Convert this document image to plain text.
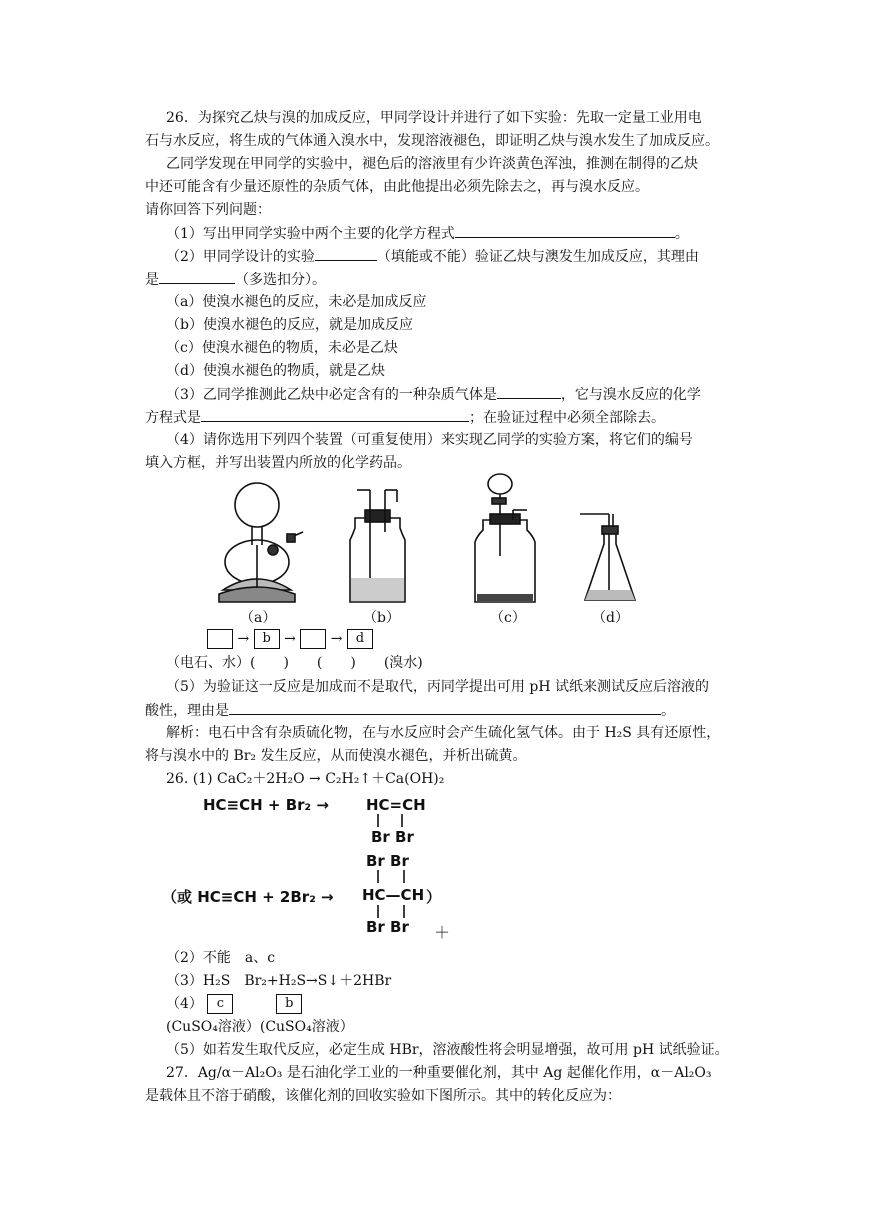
26．为探究乙炔与溴的加成反应，甲同学设计并进行了如下实验：先取一定量工业用电
石与水反应，将生成的气体通入溴水中，发现溶液褪色，即证明乙炔与溴水发生了加成反应。
乙同学发现在甲同学的实验中，褪色后的溶液里有少许淡黄色浑浊，推测在制得的乙炔
中还可能含有少量还原性的杂质气体，由此他提出必须先除去之，再与溴水反应。
请你回答下列问题：
（1）写出甲同学实验中两个主要的化学方程式	。
（2）甲同学设计的实验	（填能或不能）验证乙炔与澳发生加成反应，其理由
是	（多选扣分）。
（a）使溴水褪色的反应，未必是加成反应
（b）使溴水褪色的反应，就是加成反应
（c）使溴水褪色的物质，未必是乙炔
（d）使溴水褪色的物质，就是乙炔
（3）乙同学推测此乙炔中必定含有的一种杂质气体是	，它与溴水反应的化学
方程式是	；在验证过程中必须全部除去。
（4）请你选用下列四个装置（可重复使用）来实现乙同学的实验方案，将它们的编号
填入方框，并写出装置内所放的化学药品。
（a）	（b）	（c）	（d）
→ b → → d
（电石、水）(　　)　　(　　)　　(溴水)
（5）为验证这一反应是加成而不是取代，丙同学提出可用 pH 试纸来测试反应后溶液的
酸性，理由是	。
解析：电石中含有杂质硫化物，在与水反应时会产生硫化氢气体。由于 H₂S 具有还原性，
将与溴水中的 Br₂ 发生反应，从而使溴水褪色，并析出硫黄。
26. (1) CaC₂＋2H₂O → C₂H₂↑＋Ca(OH)₂
HC≡CH + Br₂ → HC=CH
Br Br
Br Br
（或 HC≡CH + 2Br₂ → HC—CH ）
Br Br ＋
（2）不能　a、c
（3）H₂S　Br₂+H₂S→S↓＋2HBr
（4） c	b
(CuSO₄溶液）(CuSO₄溶液）
（5）如若发生取代反应，必定生成 HBr，溶液酸性将会明显增强，故可用 pH 试纸验证。
27．Ag/α－Al₂O₃ 是石油化学工业的一种重要催化剂，其中 Ag 起催化作用，α－Al₂O₃
是载体且不溶于硝酸，该催化剂的回收实验如下图所示。其中的转化反应为：
